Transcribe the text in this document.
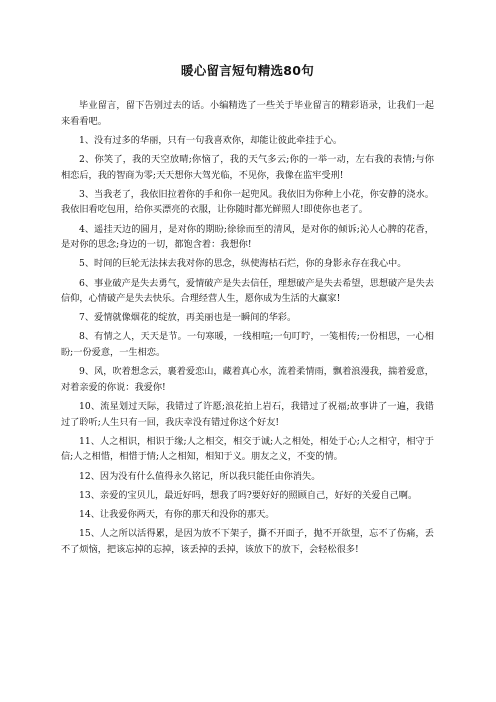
暖心留言短句精选80句

毕业留言，留下告别过去的话。小编精选了一些关于毕业留言的精彩语录，让我们一起来看看吧。

1、没有过多的华丽，只有一句我喜欢你，却能让彼此牵挂于心。

2、你笑了，我的天空放晴;你恼了，我的天气多云;你的一举一动，左右我的表情;与你相恋后，我的智商为零;天天想你大驾光临，不见你，我像在监牢受刑!

3、当我老了，我依旧拉着你的手和你一起兜风。我依旧为你种上小花，你安静的浇水。我依旧看吃包用，给你买漂亮的衣服，让你随时都光鲜照人!即使你也老了。

4、遥挂天边的圆月，是对你的期盼;徐徐而至的清风，是对你的倾诉;沁人心脾的花香，是对你的思念;身边的一切，都饱含着：我想你!

5、时间的巨轮无法抹去我对你的思念，纵使海枯石烂，你的身影永存在我心中。

6、事业破产是失去勇气，爱情破产是失去信任，理想破产是失去希望，思想破产是失去信仰，心情破产是失去快乐。合理经营人生，愿你成为生活的大赢家!

7、爱情就像烟花的绽放，再美丽也是一瞬间的华彩。

8、有情之人，天天是节。一句寒暖，一线相喧;一句叮咛，一笺相传;一份相思，一心相盼;一份爱意，一生相恋。

9、风，吹着想念云，裹着爱恋山，藏着真心水，流着柔情雨，飘着浪漫我，揣着爱意，对着亲爱的你说：我爱你!

10、流星划过天际，我错过了许愿;浪花拍上岩石，我错过了祝福;故事讲了一遍，我错过了聆听;人生只有一回，我庆幸没有错过你这个好友!

11、人之相识，相识于缘;人之相交，相交于诚;人之相处，相处于心;人之相守，相守于信;人之相惜，相惜于情;人之相知，相知于义。朋友之义，不变的情。

12、因为没有什么值得永久铭记，所以我只能任由你消失。

13、亲爱的宝贝儿，最近好吗，想我了吗?要好好的照顾自己，好好的关爱自己啊。

14、让我爱你两天，有你的那天和没你的那天。

15、人之所以活得累，是因为放不下架子，撕不开面子，抛不开欲望，忘不了伤痛，丢不了烦恼，把该忘掉的忘掉，该丢掉的丢掉，该放下的放下，会轻松很多!
